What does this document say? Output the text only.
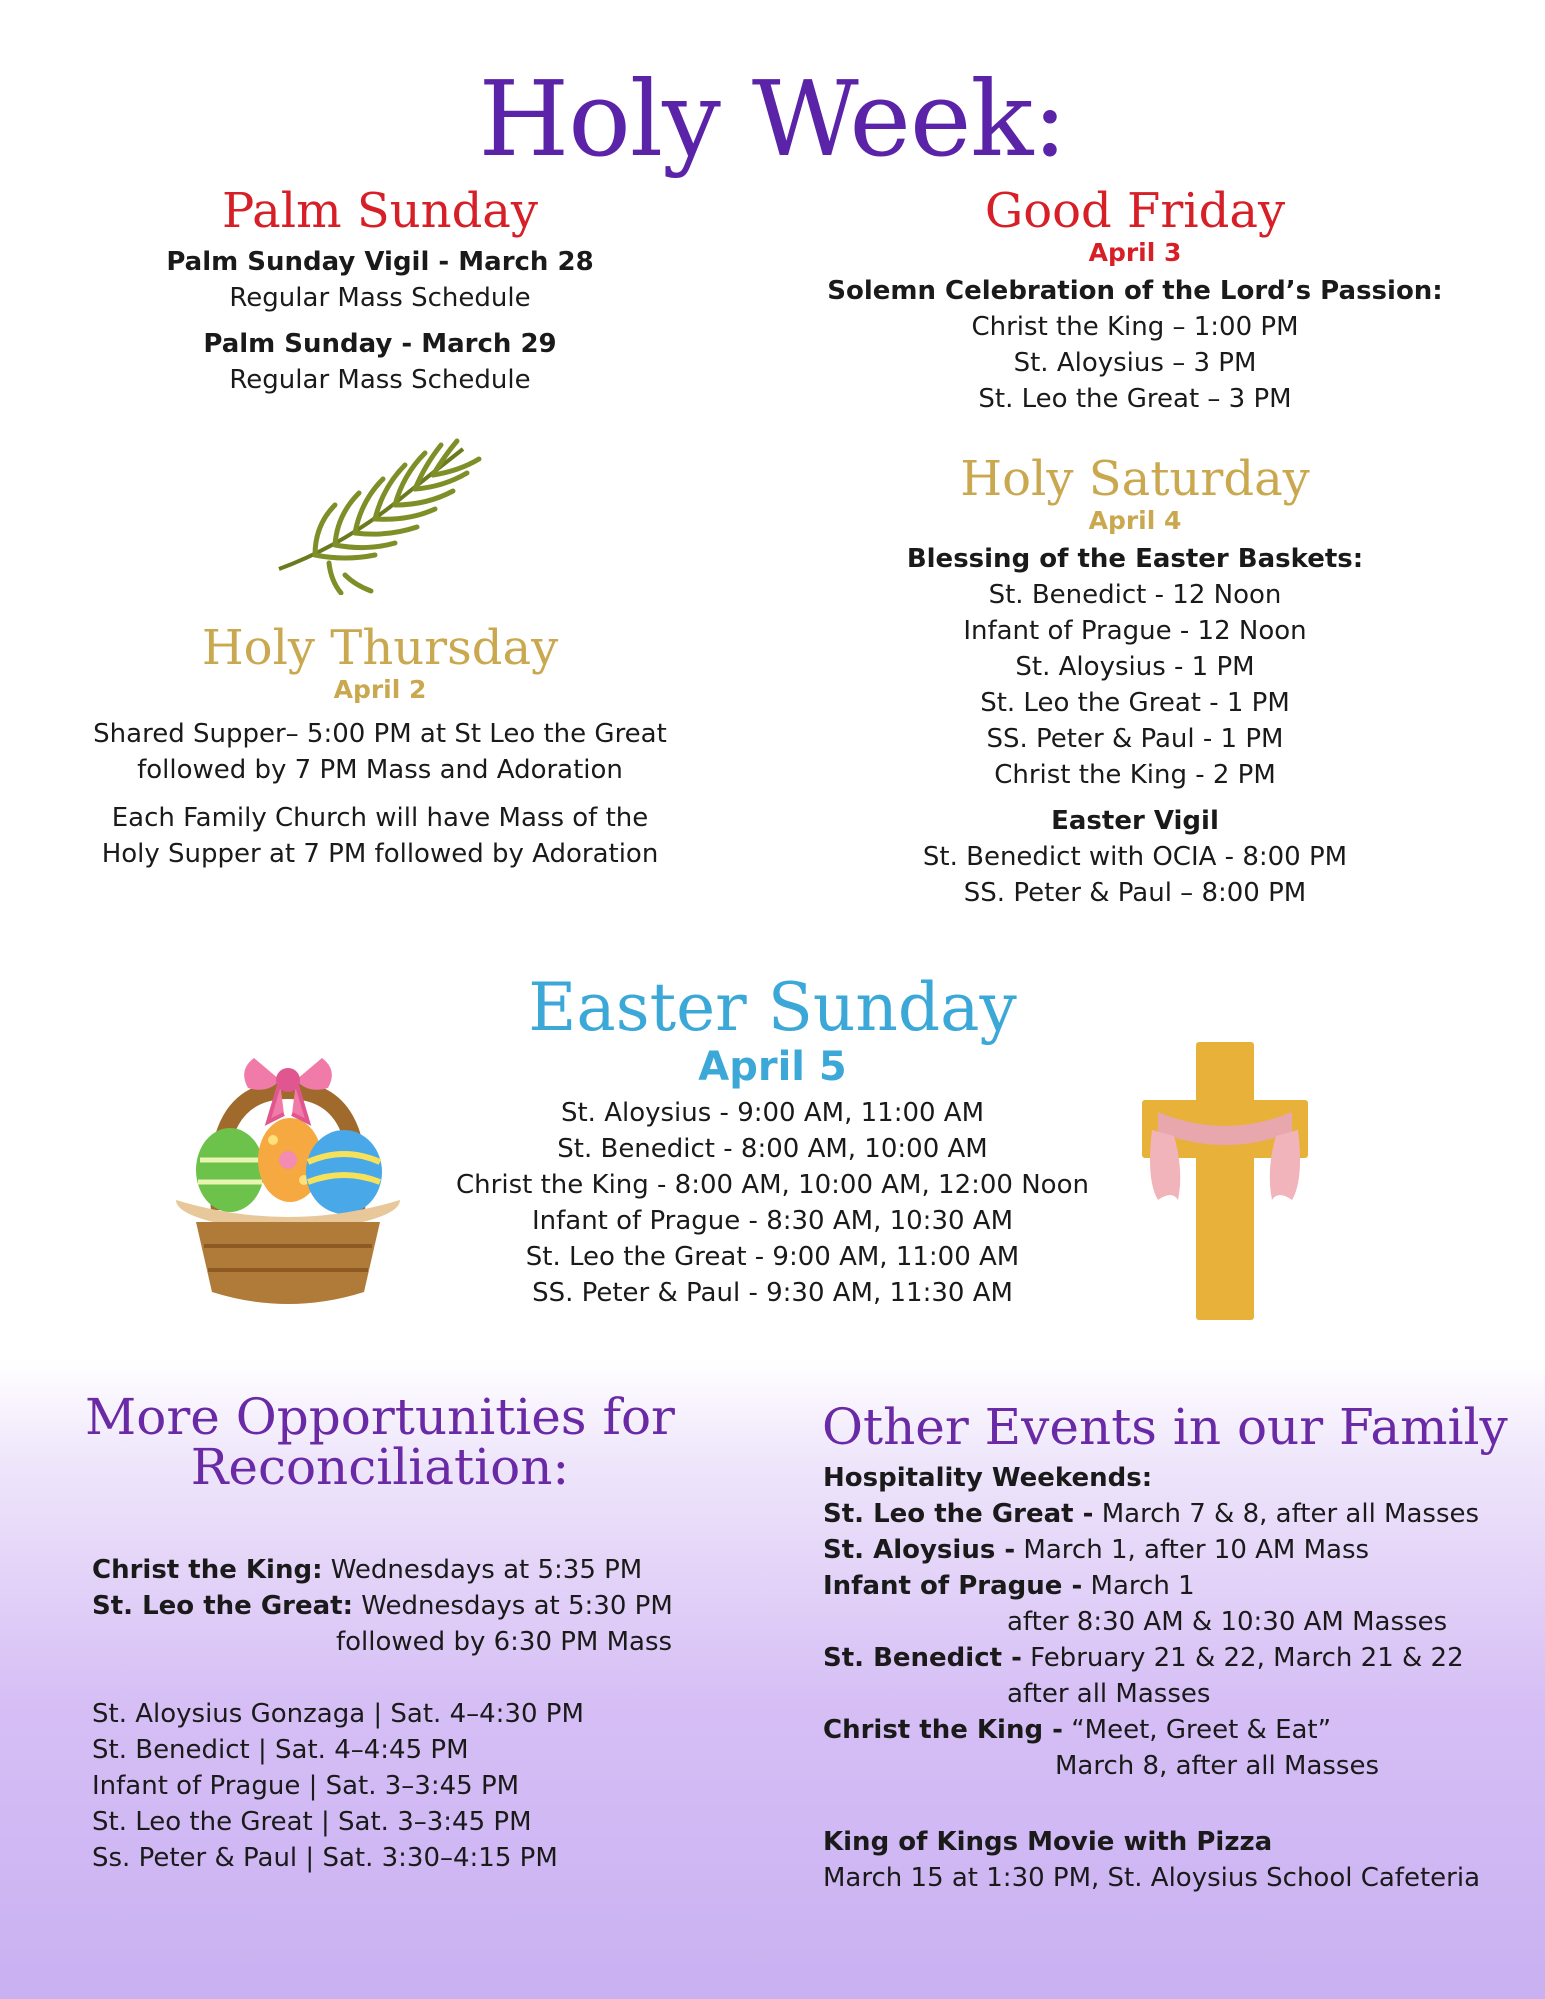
Holy Week:
Palm Sunday
Palm Sunday Vigil - March 28
Regular Mass Schedule
Palm Sunday - March 29
Regular Mass Schedule
Holy Thursday
April 2
Shared Supper– 5:00 PM at St Leo the Great
followed by 7 PM Mass and Adoration
Each Family Church will have Mass of the
Holy Supper at 7 PM followed by Adoration
Good Friday
April 3
Solemn Celebration of the Lord’s Passion:
Christ the King – 1:00 PM
St. Aloysius – 3 PM
St. Leo the Great – 3 PM
Holy Saturday
April 4
Blessing of the Easter Baskets:
St. Benedict - 12 Noon
Infant of Prague - 12 Noon
St. Aloysius - 1 PM
St. Leo the Great - 1 PM
SS. Peter & Paul - 1 PM
Christ the King - 2 PM
Easter Vigil
St. Benedict with OCIA - 8:00 PM
SS. Peter & Paul – 8:00 PM
Easter Sunday
April 5
St. Aloysius - 9:00 AM, 11:00 AM
St. Benedict - 8:00 AM, 10:00 AM
Christ the King - 8:00 AM, 10:00 AM, 12:00 Noon
Infant of Prague - 8:30 AM, 10:30 AM
St. Leo the Great - 9:00 AM, 11:00 AM
SS. Peter & Paul - 9:30 AM, 11:30 AM
More Opportunities for
Reconciliation:

Christ the King: Wednesdays at 5:35 PM

St. Leo the Great: Wednesdays at 5:30 PM

followed by 6:30 PM Mass

St. Aloysius Gonzaga | Sat. 4–4:30 PM

St. Benedict | Sat. 4–4:45 PM

Infant of Prague | Sat. 3–3:45 PM

St. Leo the Great | Sat. 3–3:45 PM

Ss. Peter & Paul | Sat. 3:30–4:15 PM

Other Events in our Family

Hospitality Weekends:

St. Leo the Great - March 7 & 8, after all Masses

St. Aloysius - March 1, after 10 AM Mass

Infant of Prague - March 1

after 8:30 AM & 10:30 AM Masses

St. Benedict - February 21 & 22, March 21 & 22

after all Masses

Christ the King - “Meet, Greet & Eat”

March 8, after all Masses

King of Kings Movie with Pizza

March 15 at 1:30 PM, St. Aloysius School Cafeteria
